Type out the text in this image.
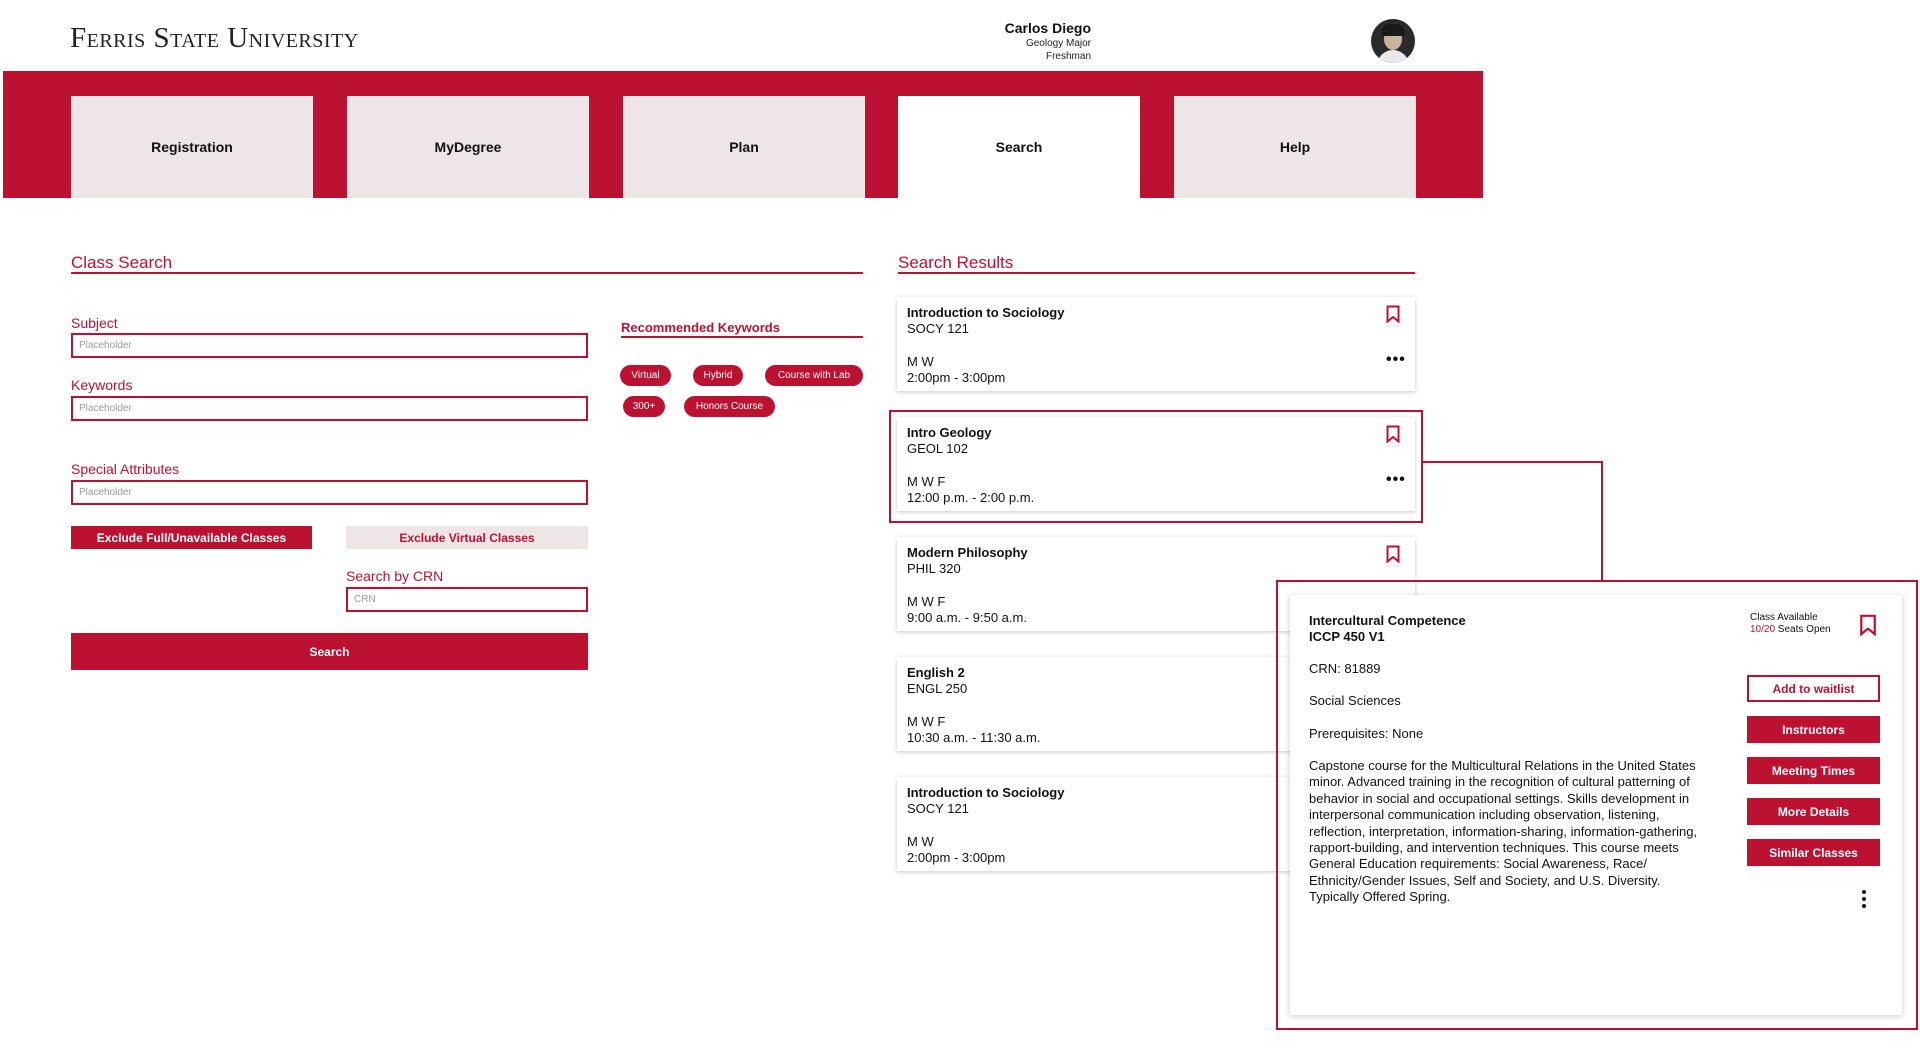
Ferris State University	Carlos Diego
Geology Major
Freshman
Registration	MyDegree	Plan	Search	Help
Class Search
Subject
Placeholder
Keywords
Placeholder
Special Attributes
Placeholder
Exclude Full/Unavailable Classes	Exclude Virtual Classes
Search by CRN
CRN
Search
Recommended Keywords
Virtual	Hybrid	Course with Lab
300+	Honors Course
Search Results
Introduction to Sociology
SOCY 121
M W
2:00pm - 3:00pm
•••
Intro Geology
GEOL 102
M W F
12:00 p.m. - 2:00 p.m.
•••
Modern Philosophy
PHIL 320
M W F
9:00 a.m. - 9:50 a.m.
English 2
ENGL 250
M W F
10:30 a.m. - 11:30 a.m.
Introduction to Sociology
SOCY 121
M W
2:00pm - 3:00pm
Intercultural Competence
ICCP 450 V1
Class Available
10/20 Seats Open
CRN: 81889
Social Sciences
Prerequisites: None
Capstone course for the Multicultural Relations in the United States minor. Advanced training in the recognition of cultural patterning of behavior in social and occupational settings. Skills development in interpersonal communication including observation, listening, reflection, interpretation, information-sharing, information-gathering, rapport-building, and intervention techniques. This course meets General Education requirements: Social Awareness, Race/ Ethnicity/Gender Issues, Self and Society, and U.S. Diversity. Typically Offered Spring.
Add to waitlist
Instructors
Meeting Times
More Details
Similar Classes
